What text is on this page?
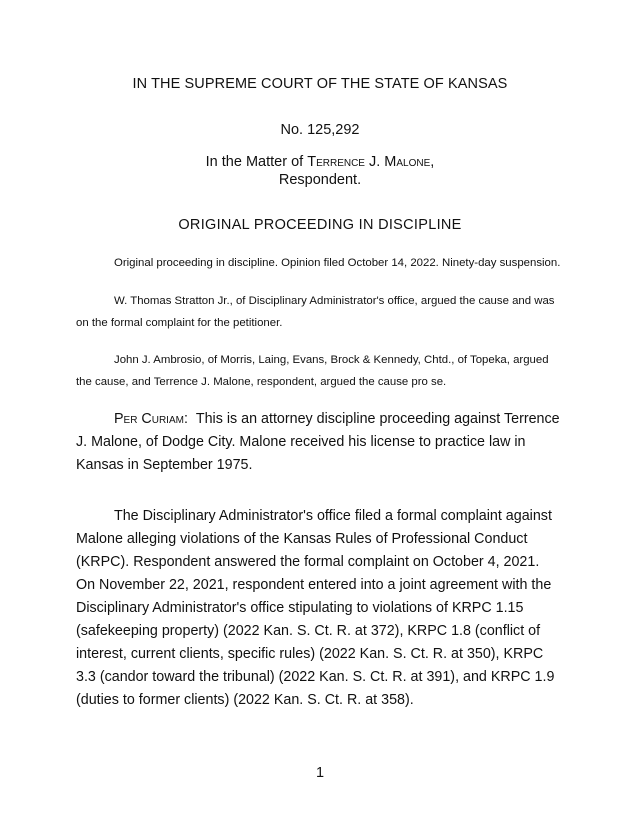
IN THE SUPREME COURT OF THE STATE OF KANSAS
No. 125,292
In the Matter of Terrence J. Malone,
Respondent.
ORIGINAL PROCEEDING IN DISCIPLINE
Original proceeding in discipline. Opinion filed October 14, 2022. Ninety-day suspension.
W. Thomas Stratton Jr., of Disciplinary Administrator's office, argued the cause and was on the formal complaint for the petitioner.
John J. Ambrosio, of Morris, Laing, Evans, Brock & Kennedy, Chtd., of Topeka, argued the cause, and Terrence J. Malone, respondent, argued the cause pro se.
Per Curiam: This is an attorney discipline proceeding against Terrence J. Malone, of Dodge City. Malone received his license to practice law in Kansas in September 1975.
The Disciplinary Administrator's office filed a formal complaint against Malone alleging violations of the Kansas Rules of Professional Conduct (KRPC). Respondent answered the formal complaint on October 4, 2021. On November 22, 2021, respondent entered into a joint agreement with the Disciplinary Administrator's office stipulating to violations of KRPC 1.15 (safekeeping property) (2022 Kan. S. Ct. R. at 372), KRPC 1.8 (conflict of interest, current clients, specific rules) (2022 Kan. S. Ct. R. at 350), KRPC 3.3 (candor toward the tribunal) (2022 Kan. S. Ct. R. at 391), and KRPC 1.9 (duties to former clients) (2022 Kan. S. Ct. R. at 358).
1
